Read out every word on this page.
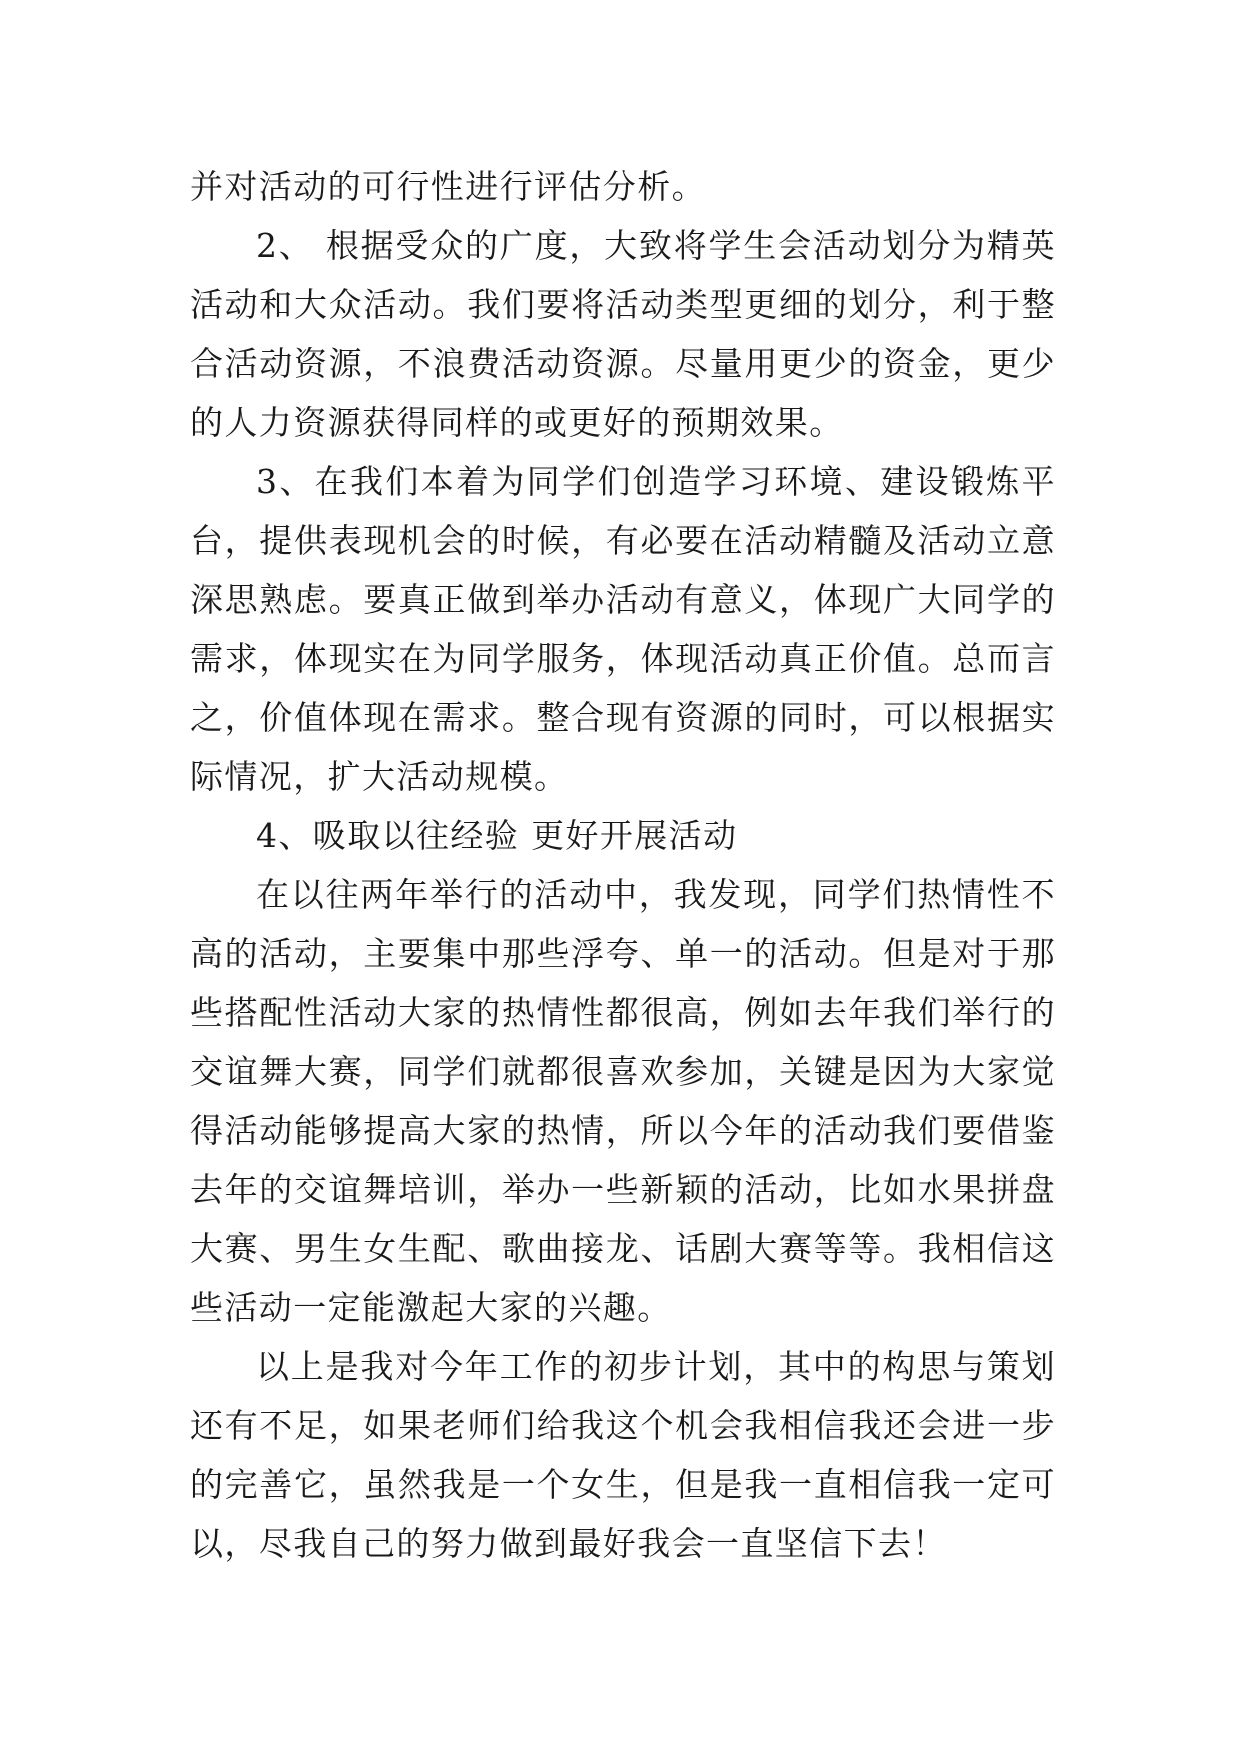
并对活动的可行性进行评估分析。

2、 根据受众的广度，大致将学生会活动划分为精英活动和大众活动。我们要将活动类型更细的划分，利于整合活动资源，不浪费活动资源。尽量用更少的资金，更少的人力资源获得同样的或更好的预期效果。

3、在我们本着为同学们创造学习环境、建设锻炼平台，提供表现机会的时候，有必要在活动精髓及活动立意深思熟虑。要真正做到举办活动有意义，体现广大同学的需求，体现实在为同学服务，体现活动真正价值。总而言之，价值体现在需求。整合现有资源的同时，可以根据实际情况，扩大活动规模。

4、吸取以往经验 更好开展活动

在以往两年举行的活动中，我发现，同学们热情性不高的活动，主要集中那些浮夸、单一的活动。但是对于那些搭配性活动大家的热情性都很高，例如去年我们举行的交谊舞大赛，同学们就都很喜欢参加，关键是因为大家觉得活动能够提高大家的热情，所以今年的活动我们要借鉴去年的交谊舞培训，举办一些新颖的活动，比如水果拼盘大赛、男生女生配、歌曲接龙、话剧大赛等等。我相信这些活动一定能激起大家的兴趣。

以上是我对今年工作的初步计划，其中的构思与策划还有不足，如果老师们给我这个机会我相信我还会进一步的完善它，虽然我是一个女生，但是我一直相信我一定可以，尽我自己的努力做到最好我会一直坚信下去！
